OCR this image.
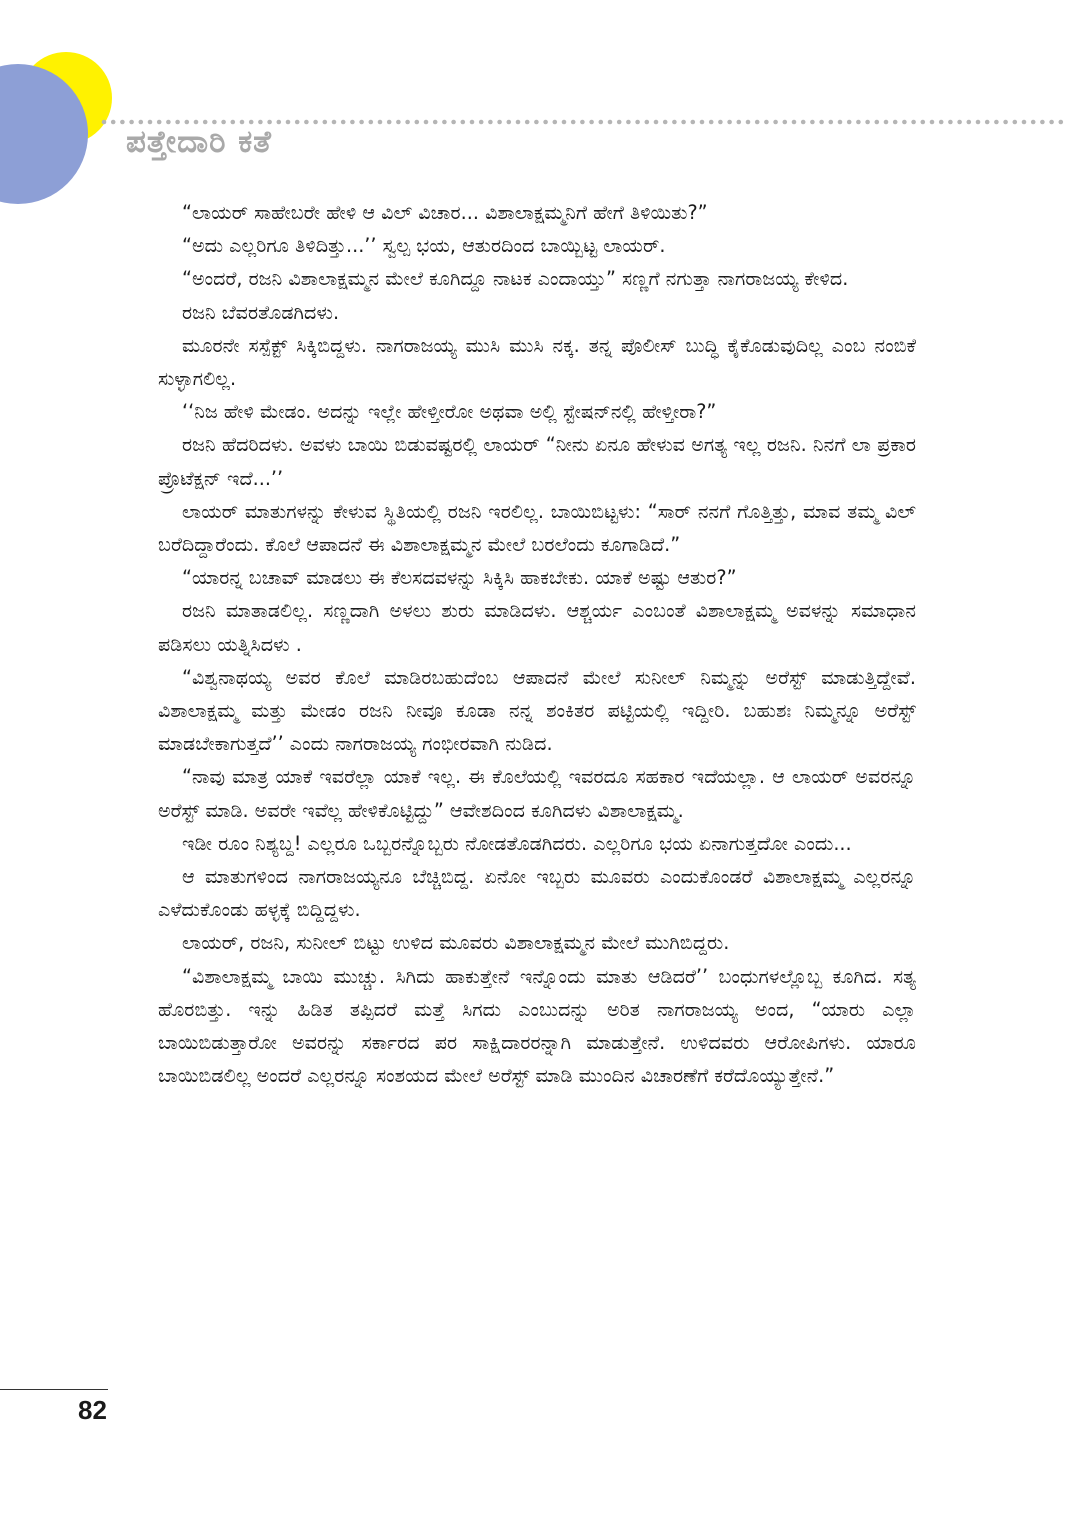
ಪತ್ತೇದಾರಿ ಕತೆ

“ಲಾಯರ್ ಸಾಹೇಬರೇ ಹೇಳಿ ಆ ವಿಲ್ ವಿಚಾರ... ವಿಶಾಲಾಕ್ಷಮ್ಮನಿಗೆ ಹೇಗೆ ತಿಳಿಯಿತು?”

“ಅದು ಎಲ್ಲರಿಗೂ ತಿಳಿದಿತ್ತು...’’ ಸ್ವಲ್ಪ ಭಯ, ಆತುರದಿಂದ ಬಾಯ್ಬಿಟ್ಟ ಲಾಯರ್.

“ಅಂದರೆ, ರಜನಿ ವಿಶಾಲಾಕ್ಷಮ್ಮನ ಮೇಲೆ ಕೂಗಿದ್ದೂ ನಾಟಕ ಎಂದಾಯ್ತು” ಸಣ್ಣಗೆ ನಗುತ್ತಾ ನಾಗರಾಜಯ್ಯ ಕೇಳಿದ.

ರಜನಿ ಬೆವರತೊಡಗಿದಳು.

ಮೂರನೇ ಸಸ್ಪೆಕ್ಟ್ ಸಿಕ್ಕಿಬಿದ್ದಳು. ನಾಗರಾಜಯ್ಯ ಮುಸಿ ಮುಸಿ ನಕ್ಕ. ತನ್ನ ಪೊಲೀಸ್ ಬುದ್ಧಿ ಕೈಕೊಡುವುದಿಲ್ಲ ಎಂಬ ನಂಬಿಕೆ ಸುಳ್ಳಾಗಲಿಲ್ಲ.

‘‘ನಿಜ ಹೇಳಿ ಮೇಡಂ. ಅದನ್ನು ಇಲ್ಲೇ ಹೇಳ್ತೀರೋ ಅಥವಾ ಅಲ್ಲಿ ಸ್ಟೇಷನ್‌ನಲ್ಲಿ ಹೇಳ್ತೀರಾ?”

ರಜನಿ ಹೆದರಿದಳು. ಅವಳು ಬಾಯಿ ಬಿಡುವಷ್ಟರಲ್ಲಿ ಲಾಯರ್ “ನೀನು ಏನೂ ಹೇಳುವ ಅಗತ್ಯ ಇಲ್ಲ ರಜನಿ. ನಿನಗೆ ಲಾ ಪ್ರಕಾರ ಪ್ರೊಟೆಕ್ಷನ್ ಇದೆ...’’

ಲಾಯರ್ ಮಾತುಗಳನ್ನು ಕೇಳುವ ಸ್ಥಿತಿಯಲ್ಲಿ ರಜನಿ ಇರಲಿಲ್ಲ. ಬಾಯಿಬಿಟ್ಟಳು: “ಸಾರ್ ನನಗೆ ಗೊತ್ತಿತ್ತು, ಮಾವ ತಮ್ಮ ವಿಲ್ ಬರೆದಿದ್ದಾರೆಂದು. ಕೊಲೆ ಆಪಾದನೆ ಈ ವಿಶಾಲಾಕ್ಷಮ್ಮನ ಮೇಲೆ ಬರಲೆಂದು ಕೂಗಾಡಿದೆ.”

“ಯಾರನ್ನ ಬಚಾವ್ ಮಾಡಲು ಈ ಕೆಲಸದವಳನ್ನು ಸಿಕ್ಕಿಸಿ ಹಾಕಬೇಕು. ಯಾಕೆ ಅಷ್ಟು ಆತುರ?”

ರಜನಿ ಮಾತಾಡಲಿಲ್ಲ. ಸಣ್ಣದಾಗಿ ಅಳಲು ಶುರು ಮಾಡಿದಳು. ಆಶ್ಚರ್ಯ ಎಂಬಂತೆ ವಿಶಾಲಾಕ್ಷಮ್ಮ ಅವಳನ್ನು ಸಮಾಧಾನ ಪಡಿಸಲು ಯತ್ನಿಸಿದಳು .

“ವಿಶ್ವನಾಥಯ್ಯ ಅವರ ಕೊಲೆ ಮಾಡಿರಬಹುದೆಂಬ ಆಪಾದನೆ ಮೇಲೆ ಸುನೀಲ್ ನಿಮ್ಮನ್ನು ಅರೆಸ್ಟ್ ಮಾಡುತ್ತಿದ್ದೇವೆ. ವಿಶಾಲಾಕ್ಷಮ್ಮ ಮತ್ತು ಮೇಡಂ ರಜನಿ ನೀವೂ ಕೂಡಾ ನನ್ನ ಶಂಕಿತರ ಪಟ್ಟಿಯಲ್ಲಿ ಇದ್ದೀರಿ. ಬಹುಶಃ ನಿಮ್ಮನ್ನೂ ಅರೆಸ್ಟ್ ಮಾಡಬೇಕಾಗುತ್ತದೆ’’ ಎಂದು ನಾಗರಾಜಯ್ಯ ಗಂಭೀರವಾಗಿ ನುಡಿದ.

“ನಾವು ಮಾತ್ರ ಯಾಕೆ ಇವರೆಲ್ಲಾ ಯಾಕೆ ಇಲ್ಲ. ಈ ಕೊಲೆಯಲ್ಲಿ ಇವರದೂ ಸಹಕಾರ ಇದೆಯಲ್ಲಾ. ಆ ಲಾಯರ್ ಅವರನ್ನೂ ಅರೆಸ್ಟ್ ಮಾಡಿ. ಅವರೇ ಇವೆಲ್ಲ ಹೇಳಿಕೊಟ್ಟಿದ್ದು” ಆವೇಶದಿಂದ ಕೂಗಿದಳು ವಿಶಾಲಾಕ್ಷಮ್ಮ.

ಇಡೀ ರೂಂ ನಿಶ್ಯಬ್ದ! ಎಲ್ಲರೂ ಒಬ್ಬರನ್ನೊಬ್ಬರು ನೋಡತೊಡಗಿದರು. ಎಲ್ಲರಿಗೂ ಭಯ ಏನಾಗುತ್ತದೋ ಎಂದು...

ಆ ಮಾತುಗಳಿಂದ ನಾಗರಾಜಯ್ಯನೂ ಬೆಚ್ಚಿಬಿದ್ದ. ಏನೋ ಇಬ್ಬರು ಮೂವರು ಎಂದುಕೊಂಡರೆ ವಿಶಾಲಾಕ್ಷಮ್ಮ ಎಲ್ಲರನ್ನೂ ಎಳೆದುಕೊಂಡು ಹಳ್ಳಕ್ಕೆ ಬಿದ್ದಿದ್ದಳು.

ಲಾಯರ್, ರಜನಿ, ಸುನೀಲ್ ಬಿಟ್ಟು ಉಳಿದ ಮೂವರು ವಿಶಾಲಾಕ್ಷಮ್ಮನ ಮೇಲೆ ಮುಗಿಬಿದ್ದರು.

“ವಿಶಾಲಾಕ್ಷಮ್ಮ ಬಾಯಿ ಮುಚ್ಚು. ಸಿಗಿದು ಹಾಕುತ್ತೇನೆ ಇನ್ನೊಂದು ಮಾತು ಆಡಿದರೆ’’ ಬಂಧುಗಳಲ್ಲೊಬ್ಬ ಕೂಗಿದ. ಸತ್ಯ ಹೊರಬಿತ್ತು. ಇನ್ನು ಹಿಡಿತ ತಪ್ಪಿದರೆ ಮತ್ತೆ ಸಿಗದು ಎಂಬುದನ್ನು ಅರಿತ ನಾಗರಾಜಯ್ಯ ಅಂದ, “ಯಾರು ಎಲ್ಲಾ ಬಾಯಿಬಿಡುತ್ತಾರೋ ಅವರನ್ನು ಸರ್ಕಾರದ ಪರ ಸಾಕ್ಷಿದಾರರನ್ನಾಗಿ ಮಾಡುತ್ತೇನೆ. ಉಳಿದವರು ಆರೋಪಿಗಳು. ಯಾರೂ ಬಾಯಿಬಿಡಲಿಲ್ಲ ಅಂದರೆ ಎಲ್ಲರನ್ನೂ ಸಂಶಯದ ಮೇಲೆ ಅರೆಸ್ಟ್ ಮಾಡಿ ಮುಂದಿನ ವಿಚಾರಣೆಗೆ ಕರೆದೊಯ್ಯುತ್ತೇನೆ.”

82
